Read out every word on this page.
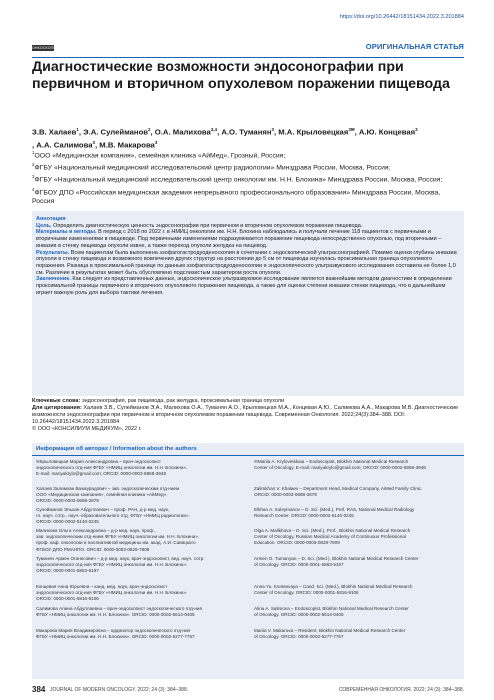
https://doi.org/10.26442/18151434.2022.3.201884
ОНКОСКОПИЯ	ОРИГИНАЛЬНАЯ СТАТЬЯ
Диагностические возможности эндосонографии при первичном и вторичном опухолевом поражении пищевода
З.В. Халаев$^1$, Э.А. Сулейманов$^2$, О.А. Малихова$^{3,4}$, А.О. Туманян$^3$, М.А. Крыловецкая$^{3✉}$, А.Ю. Концевая$^3$
, А.А. Салимова$^3$, М.В. Макарова$^3$

$^1$ООО «Медицинская компания», семейная клиника «АйМед», Грозный, Россия;

$^2$ФГБУ «Национальный медицинский исследовательский центр радиологии» Минздрава России, Москва, Россия;

$^3$ФГБУ «Национальный медицинский исследовательский центр онкологии им. Н.Н. Блохина» Минздрава России, Москва, Россия;

$^4$ФГБОУ ДПО «Российская медицинская академия непрерывного профессионального образования» Минздрава России, Москва, Россия

Аннотация

Цель. Определить диагностическую ценность эндосонографии при первичном и вторичном опухолевом поражении пищевода.

Материалы и методы. В период с 2018 по 2022 г. в НМИЦ онкологии им. Н.Н. Блохина наблюдались и получали лечение 118 пациентов с первичными и вторичными изменениями в пищеводе. Под первичными изменениями подразумевается поражение пищевода непосредственно опухолью, под вторичными – инвазия в стенку пищевода опухоли извне, а также переход опухоли желудка на пищевод.

Результаты. Всем пациентам была выполнена эзофагогастродуоденоскопия в сочетании с эндоскопической ультрасонографией. Помимо оценки глубины инвазии опухоли в стенку пищевода и возможного вовлечения других структур на расстоянии до 5 см от пищевода изучалась проксимальная граница опухолевого поражения. Разница в проксимальной границе по данным эзофагогастродуоденоскопии и эндоскопического ультразвукового исследования составила не более 1,0 см. Различие в результатах может быть обусловлено подслизистым характером роста опухоли.

Заключение. Как следует из представленных данных, эндоскопическое ультразвуковое исследование является важнейшим методом диагностики в определении проксимальной границы первичного и вторичного опухолевого поражения пищевода, а также для оценки степени инвазии стенки пищевода, что в дальнейшем играет важную роль для выбора тактики лечения.

Ключевые слова: эндосонография, рак пищевода, рак желудка, проксимальная граница опухоли

Для цитирования: Халаев З.В., Сулейманов Э.А., Малихова О.А., Туманян А.О., Крыловецкая М.А., Концевая А.Ю., Салимова А.А., Макарова М.В. Диагностические возможности эндосонографии при первичном и вторичном опухолевом поражении пищевода. Современная Онкология. 2022;24(3):384–388. DOI: 10.26442/18151434.2022.3.201884

© ООО «КОНСИЛИУМ МЕДИКУМ», 2022 г.

Информация об авторах / Information about the authors

✉Крыловецкая Мария Александровна – врач-эндоскопист

эндоскопического отд-ния ФГБУ «НМИЦ онкологии им. Н.Н. Блохина».

E-mail: mariyakrylo@gmail.com; ORCID: 0000-0002-8868-3948

✉Mariia A. Krylovetskaia – Endoscopist, Blokhin National Medical Research

Center of Oncology. E-mail: mariyakrylo@gmail.com; ORCID: 0000-0002-8868-3948

Халаев Залимхан Вахмурадович – зав. эндоскопическим отд-нием

ООО «Медицинская компания», семейная клиника «АйМед».

ORCID: 0000-0003-0688-2879

Zalimkhan V. Khalaev – Department Head, Medical Company, AiMed Family Clinic.

ORCID: 0000-0003-0688-2879

Сулейманов Эльхан Абдуллаевич – проф. РАН, д-р мед. наук,

гл. науч. сотр., науч.-образовательного отд. ФГБУ «НМИЦ радиологии».

ORCID: 0000-0002-5140-0245

Elkhan A. Suleymanov – D. Sci. (Med.), Prof. RAS, National Medical Radiology

Research Center. ORCID: 0000-0002-5140-0245

Малихова Ольга Александровна – д-р мед. наук, проф.,

зав. эндоскопическим отд-нием ФГБУ «НМИЦ онкологии им. Н.Н. Блохина»,

проф. каф. онкологии и паллиативной медицины им. акад. А.И. Савицкого

ФГБОУ ДПО РМАНПО. ORCID: 0000-0003-0829-7809

Olga A. Malikhova – D. Sci. (Med.), Prof., Blokhin National Medical Research

Center of Oncology, Russian Medical Academy of Continuous Professional

Education. ORCID: 0000-0003-0829-7809

Туманян Армен Оганесович – д-р мед. наук, врач-эндоскопист, вед. науч. сотр.

эндоскопического отд-ния ФГБУ «НМИЦ онкологии им. Н.Н. Блохина».

ORCID: 0000-0001-5863-5197

Armen O. Tumanyan – D. Sci. (Med.), Blokhin National Medical Research Center

of Oncology. ORCID: 0000-0001-5863-5197

Концевая Анна Юрьевна – канд. мед. наук, врач-эндоскопист

эндоскопического отд-ния ФГБУ «НМИЦ онкологии им. Н.Н. Блохина».

ORCID: 0000-0001-5816-9106

Anna Yu. Kontsevaya – Cand. Sci. (Med.), Blokhin National Medical Research

Center of Oncology. ORCID: 0000-0001-5816-9106

Салимова Алина Абдуллаевна – врач-эндоскопист эндоскопического отд-ния

ФГБУ «НМИЦ онкологии им. Н.Н. Блохина». ORCID: 0000-0002-5614-0405

Alina A. Salimova – Endoscopist, Blokhin National Medical Research Center

of Oncology. ORCID: 0000-0002-5614-0405

Макарова Мария Владимировна – ординатор эндоскопического отд-ния

ФГБУ «НМИЦ онкологии им. Н.Н. Блохина». ORCID: 0000-0002-5277-7757

Mariia V. Makarova – Resident, Blokhin National Medical Research Center

of Oncology. ORCID: 0000-0002-5277-7757

384 JOURNAL OF MODERN ONCOLOGY. 2022; 24 (3): 384–388.	СОВРЕМЕННАЯ ОНКОЛОГИЯ. 2022; 24 (3): 384–388.
